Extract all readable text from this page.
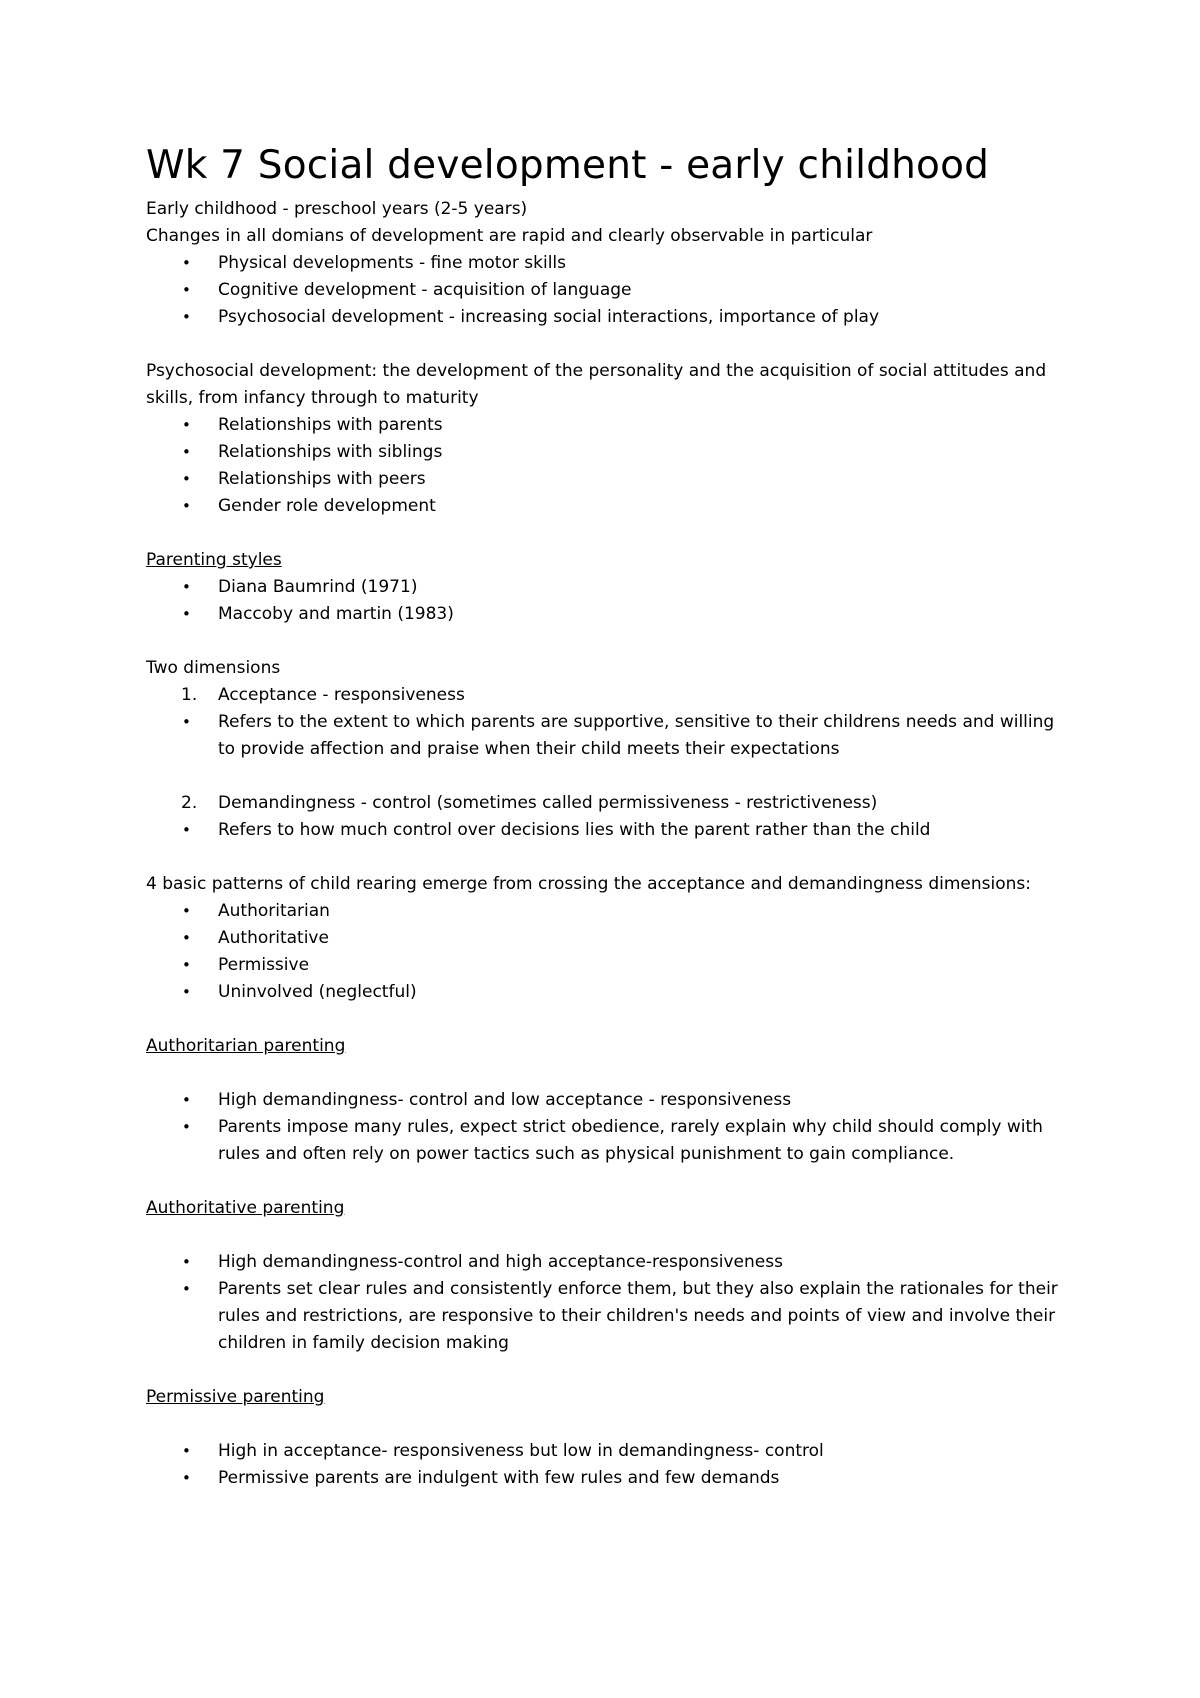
Wk 7 Social development - early childhood

Early childhood - preschool years (2-5 years)

Changes in all domians of development are rapid and clearly observable in particular

•	Physical developments - fine motor skills
•	Cognitive development - acquisition of language
•	Psychosocial development - increasing social interactions, importance of play

Psychosocial development: the development of the personality and the acquisition of social attitudes and skills, from infancy through to maturity

•	Relationships with parents
•	Relationships with siblings
•	Relationships with peers
•	Gender role development

Parenting styles

•	Diana Baumrind (1971)
•	Maccoby and martin (1983)

Two dimensions

1.	Acceptance - responsiveness
•	Refers to the extent to which parents are supportive, sensitive to their childrens needs and willing to provide affection and praise when their child meets their expectations
2.	Demandingness - control (sometimes called permissiveness - restrictiveness)
•	Refers to how much control over decisions lies with the parent rather than the child

4 basic patterns of child rearing emerge from crossing the acceptance and demandingness dimensions:

•	Authoritarian
•	Authoritative
•	Permissive
•	Uninvolved (neglectful)

Authoritarian parenting

•	High demandingness- control and low acceptance - responsiveness
•	Parents impose many rules, expect strict obedience, rarely explain why child should comply with rules and often rely on power tactics such as physical punishment to gain compliance.

Authoritative parenting

•	High demandingness-control and high acceptance-responsiveness
•	Parents set clear rules and consistently enforce them, but they also explain the rationales for their rules and restrictions, are responsive to their children's needs and points of view and involve their children in family decision making

Permissive parenting

•	High in acceptance- responsiveness but low in demandingness- control
•	Permissive parents are indulgent with few rules and few demands
